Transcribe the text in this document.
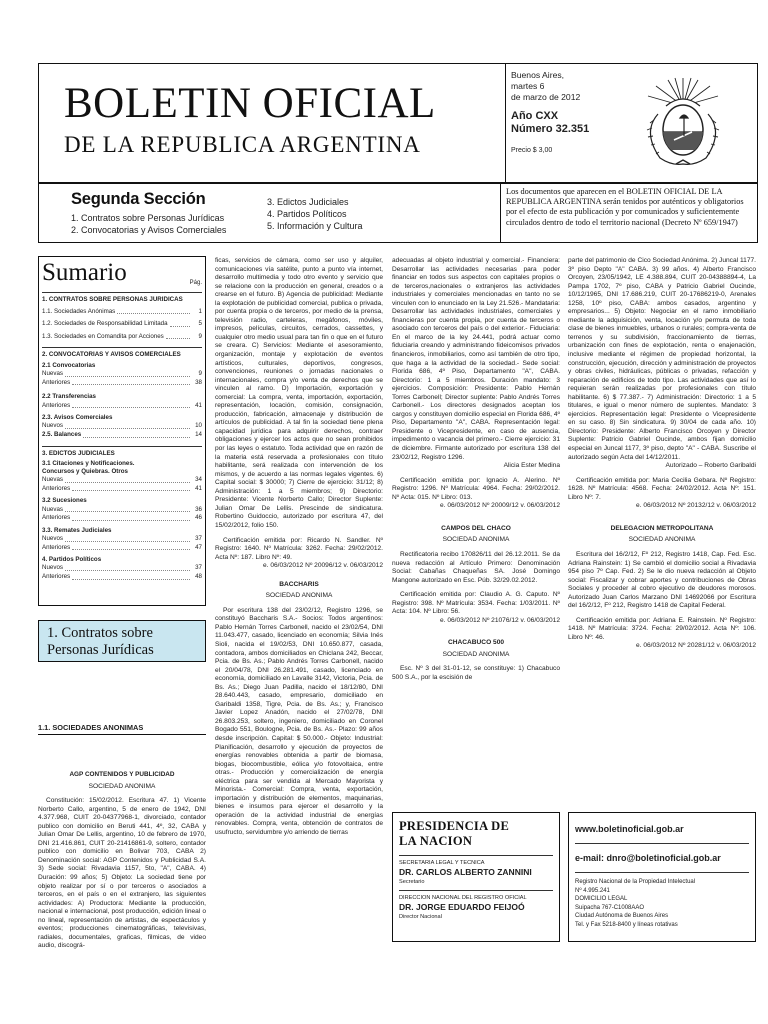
BOLETIN OFICIAL
DE LA REPUBLICA ARGENTINA
Buenos Aires,
martes 6
de marzo de 2012
Año CXX
Número 32.351
Precio $ 3,00
Segunda Sección
1. Contratos sobre Personas Jurídicas
2. Convocatorias y Avisos Comerciales
3. Edictos Judiciales
4. Partidos Políticos
5. Información y Cultura
Los documentos que aparecen en el BOLETIN OFICIAL DE LA REPUBLICA ARGENTINA serán tenidos por auténticos y obligatorios por el efecto de esta publicación y por comunicados y suficientemente circulados dentro de todo el territorio nacional (Decreto Nº 659/1947)
Sumario	Pág.
1. CONTRATOS SOBRE PERSONAS JURIDICAS
1.1. Sociedades Anónimas	1
1.2. Sociedades de Responsabilidad Limitada	5
1.3. Sociedades en Comandita por Acciones	9
2. CONVOCATORIAS Y AVISOS COMERCIALES
2.1 Convocatorias
Nuevas	9
Anteriores	38
2.2 Transferencias
Anteriores	41
2.3. Avisos Comerciales
Nuevos	10
2.5. Balances	14
3. EDICTOS JUDICIALES
3.1 Citaciones y Notificaciones. Concursos y Quiebras. Otros
Nuevas	34
Anteriores	41
3.2 Sucesiones
Nuevas	36
Anteriores	46
3.3. Remates Judiciales
Nuevos	37
Anteriores	47
4. Partidos Políticos
Nuevos	37
Anteriores	48
1. Contratos sobre
Personas Jurídicas
1.1. SOCIEDADES ANONIMAS
AGP CONTENIDOS Y PUBLICIDAD
SOCIEDAD ANONIMA

Constitución: 15/02/2012. Escritura 47. 1) Vicente Norberto Callo, argentino, 5 de enero de 1942, DNI 4.377.968, CUIT 20-04377968-1, divorciado, contador publico con domicilio en Beruti 441, 4º, 32, CABA y Julian Omar De Lellis, argentino, 10 de febrero de 1970, DNI 21.416.861, CUIT 20-21416861-9, soltero, contador publico con domicilio en Bolivar 703, CABA 2) Denominación social: AGP Contenidos y Publicidad S.A. 3) Sede social: Rivadavia 1157, 5to, "A", CABA. 4) Duración: 99 años; 5) Objeto: La sociedad tiene por objeto realizar por sí o por terceros o asociados a terceros, en el país o en el extranjero, las siguientes actividades: A) Productora: Mediante la producción, nacional e internacional, post producción, edición lineal o no lineal, representación de artistas, de espectáculos y eventos; producciones cinematográficas, televisivas, radiales, documentales, graficas, filmicas, de video audio, discográ-

ficas, servicios de cámara, como ser uso y alquiler, comunicaciones vía satélite, punto a punto vía internet, desarrollo multimedia y todo otro evento y servicio que se relacione con la producción en general, creados o a crearse en el futuro. B) Agencia de publicidad: Mediante la explotación de publicidad comercial, publica o privada, por cuenta propia o de terceros, por medio de la prensa, televisión radio, carteleras, megáfonos, móviles, impresos, películas, circuitos, cerrados, cassettes, y cualquier otro medio usual para tan fin o que en el futuro se creara. C) Servicios: Mediante el asesoramiento, organización, montaje y explotación de eventos artísticos, culturales, deportivos, congresos, convenciones, reuniones o jornadas nacionales o internacionales, compra y/o venta de derechos que se vinculen al ramo. D) Importación, exportación y comercial: La compra, venta, importación, exportación, representación, locación, comisión, consignación, producción, fabricación, almacenaje y distribución de artículos de publicidad. A tal fin la sociedad tiene plena capacidad jurídica para adquirir derechos, contraer obligaciones y ejercer los actos que no sean prohibidos por las leyes o estatuto. Toda actividad que en razón de la materia está reservada a profesionales con título habilitante, será realizada con intervención de los mismos, y de acuerdo a las normas legales vigentes. 6) Capital social: $ 30000; 7) Cierre de ejercicio: 31/12; 8) Administración: 1 a 5 miembros; 9) Directorio: Presidente: Vicente Norberto Callo; Director Suplente: Julian Omar De Lellis. Prescinde de sindicatura. Robertino Guidoccio, autorizado por escritura 47, del 15/02/2012, folio 150.

Certificación emitida por: Ricardo N. Sandler. Nº Registro: 1640. Nº Matrícula: 3262. Fecha: 29/02/2012. Acta Nº: 187. Libro Nº: 49.

e. 06/03/2012 Nº 20096/12 v. 06/03/2012
BACCHARIS
SOCIEDAD ANONIMA

Por escritura 138 del 23/02/12, Registro 1296, se constituyó Baccharis S.A.- Socios: Todos argentinos: Pablo Hernán Torres Carbonell, nacido el 23/02/54, DNI 11.043.477, casado, licenciado en economía; Silvia Inés Sioli, nacida el 19/02/53, DNI 10.650.877, casada, contadora, ambos domiciliados en Chiclana 242, Beccar, Pcia. de Bs. As.; Pablo Andrés Torres Carbonell, nacido el 20/04/78, DNI 26.281.491, casado, licenciado en economía, domiciliado en Lavalle 3142, Victoria, Pcia. de Bs. As.; Diego Juan Padilla, nacido el 18/12/80, DNI 28.640.443, casado, empresario, domiciliado en Garibaldi 1358, Tigre, Pcia. de Bs. As.; y, Francisco Javier Lopez Anadón, nacido el 27/02/78, DNI 26.803.253, soltero, ingeniero, domiciliado en Coronel Bogado 551, Boulogne, Pcia. de Bs. As.- Plazo: 99 años desde inscripción. Capital: $ 50.000.- Objeto: Industrial: Planificación, desarrollo y ejecución de proyectos de energías renovables obtenida a partir de biomasa, biogas, biocombustible, eólica y/o fotovoltaica, entre otras.- Producción y comercialización de energía eléctrica para ser vendida al Mercado Mayorista y Minorista.- Comercial: Compra, venta, exportación, importación y distribución de elementos, maquinarias, bienes e insumos para ejercer el desarrollo y la operación de la actividad industrial de energías renovables. Compra, venta, obtención de contratos de usufructo, servidumbre y/o arriendo de tierras

adecuadas al objeto industrial y comercial.- Financiera: Desarrollar las actividades necesarias para poder financiar en todos sus aspectos con capitales propios o de terceros,nacionales o extranjeros las actividades industriales y comerciales mencionadas en tanto no se vinculen con lo enunciado en la Ley 21.526.- Mandataria: Desarrollar las actividades industriales, comerciales y financieras por cuenta propia, por cuenta de terceros o asociado con terceros del país o del exterior.- Fiduciaria: En el marco de la ley 24.441, podrá actuar como fiduciaria creando y administrando fideicomisos privados financieros, inmobiliarios, como así también de otro tipo, que haga a la actividad de la sociedad.- Sede social: Florida 686, 4º Piso, Departamento "A", CABA. Directorio: 1 a 5 miembros. Duración mandato: 3 ejercicios. Composición: Presidente: Pablo Hernán Torres Carbonell; Director suplente: Pablo Andrés Torres Carbonell.- Los directores designados aceptan los cargos y constituyen domicilio especial en Florida 686, 4º Piso, Departamento "A", CABA. Representación legal: Presidente o Vicepresidente, en caso de ausencia, impedimento o vacancia del primero.- Cierre ejercicio: 31 de diciembre. Firmante autorizado por escritura 138 del 23/02/12, Registro 1296.

Alicia Ester Medina

Certificación emitida por: Ignacio A. Alerino. Nº Registro: 1296. Nº Matrícula: 4964. Fecha: 29/02/2012. Nº Acta: 015. Nº Libro: 013.

e. 06/03/2012 Nº 20009/12 v. 06/03/2012
CAMPOS DEL CHACO
SOCIEDAD ANONIMA

Rectificatoria recibo 170826/11 del 26.12.2011. Se da nueva redacción al Artículo Primero: Denominación Social: Cabañas Chaqueñas SA. José Domingo Mangone autorizado en Esc. Púb. 32/29.02.2012.

Certificación emitida por: Claudio A. G. Caputo. Nº Registro: 398. Nº Matrícula: 3534. Fecha: 1/03/2011. Nº Acta: 104. Nº Libro: 56.

e. 06/03/2012 Nº 21076/12 v. 06/03/2012
CHACABUCO 500
SOCIEDAD ANONIMA

Esc. Nº 3 del 31-01-12, se constituye: 1) Chacabuco 500 S.A., por la escisión de

parte del patrimonio de Cico Sociedad Anónima. 2) Juncal 1177. 3º piso Depto "A" CABA. 3) 99 años. 4) Alberto Francisco Orcoyen, 23/05/1942, LE 4.388.894, CUIT 20-04388894-4, La Pampa 1702, 7º piso, CABA y Patricio Gabriel Oucinde, 10/12/1965, DNI 17.686.219, CUIT 20-17686219-0, Arenales 1258, 10º piso, CABA: ambos casados, argentino y empresarios... 5) Objeto: Negociar en el ramo inmobiliario mediante la adquisición, venta, locación y/o permuta de toda clase de bienes inmuebles, urbanos o rurales; compra-venta de terrenos y su subdivisión, fraccionamiento de tierras, urbanización con fines de explotación, renta o enajenación, inclusive mediante el régimen de propiedad horizontal, la construcción, ejecución, dirección y administración de proyectos y obras civiles, hidráulicas, públicas o privadas, refacción y reparación de edificios de todo tipo. Las actividades que así lo requieran serán realizadas por profesionales con título habilitante. 6) $ 77.387.- 7) Administración: Directorio: 1 a 5 titulares, e igual o menor número de suplentes. Mandato: 3 ejercicios. Representación legal: Presidente o Vicepresidente en su caso. 8) Sin sindicatura. 9) 30/04 de cada año. 10) Directorio: Presidente: Alberto Francisco Orcoyen y Director Suplente: Patricio Gabriel Oucinde, ambos fijan domicilio especial en Juncal 1177, 3º piso, depto "A" - CABA. Suscribe el autorizado según Acta del 14/12/2011.

Autorizado – Roberto Garibaldi

Certificación emitida por: Maria Cecilia Gebara. Nº Registro: 1628. Nº Matrícula: 4568. Fecha: 24/02/2012. Acta Nº: 151. Libro Nº: 7.

e. 06/03/2012 Nº 20132/12 v. 06/03/2012
DELEGACION METROPOLITANA
SOCIEDAD ANONIMA

Escritura del 16/2/12, Fº 212, Registro 1418, Cap. Fed. Esc. Adriana Rainstein: 1) Se cambió el domicilio social a Rivadavia 954 piso 7º Cap. Fed. 2) Se le dio nueva redacción al Objeto social: Fiscalizar y cobrar aportes y contribuciones de Obras Sociales y proceder al cobro ejecutivo de deudores morosos. Autorizado Juan Carlos Marzano DNI 14692066 por Escritura del 16/2/12, Fº 212, Registro 1418 de Capital Federal.

Certificación emitida por: Adriana E. Rainstein. Nº Registro: 1418. Nº Matrícula: 3724. Fecha: 29/02/2012. Acta Nº: 106. Libro Nº: 46.

e. 06/03/2012 Nº 20281/12 v. 06/03/2012
PRESIDENCIA DE
LA NACION
SECRETARIA LEGAL Y TECNICA
DR. CARLOS ALBERTO ZANNINI
Secretario
DIRECCION NACIONAL DEL REGISTRO OFICIAL
DR. JORGE EDUARDO FEIJOÓ
Director Nacional
www.boletinoficial.gob.ar
e-mail: dnro@boletinoficial.gob.ar
Registro Nacional de la Propiedad Intelectual
Nº 4.995.241
DOMICILIO LEGAL
Suipacha 767-C1008AAO
Ciudad Autónoma de Buenos Aires
Tel. y Fax 5218-8400 y líneas rotativas
